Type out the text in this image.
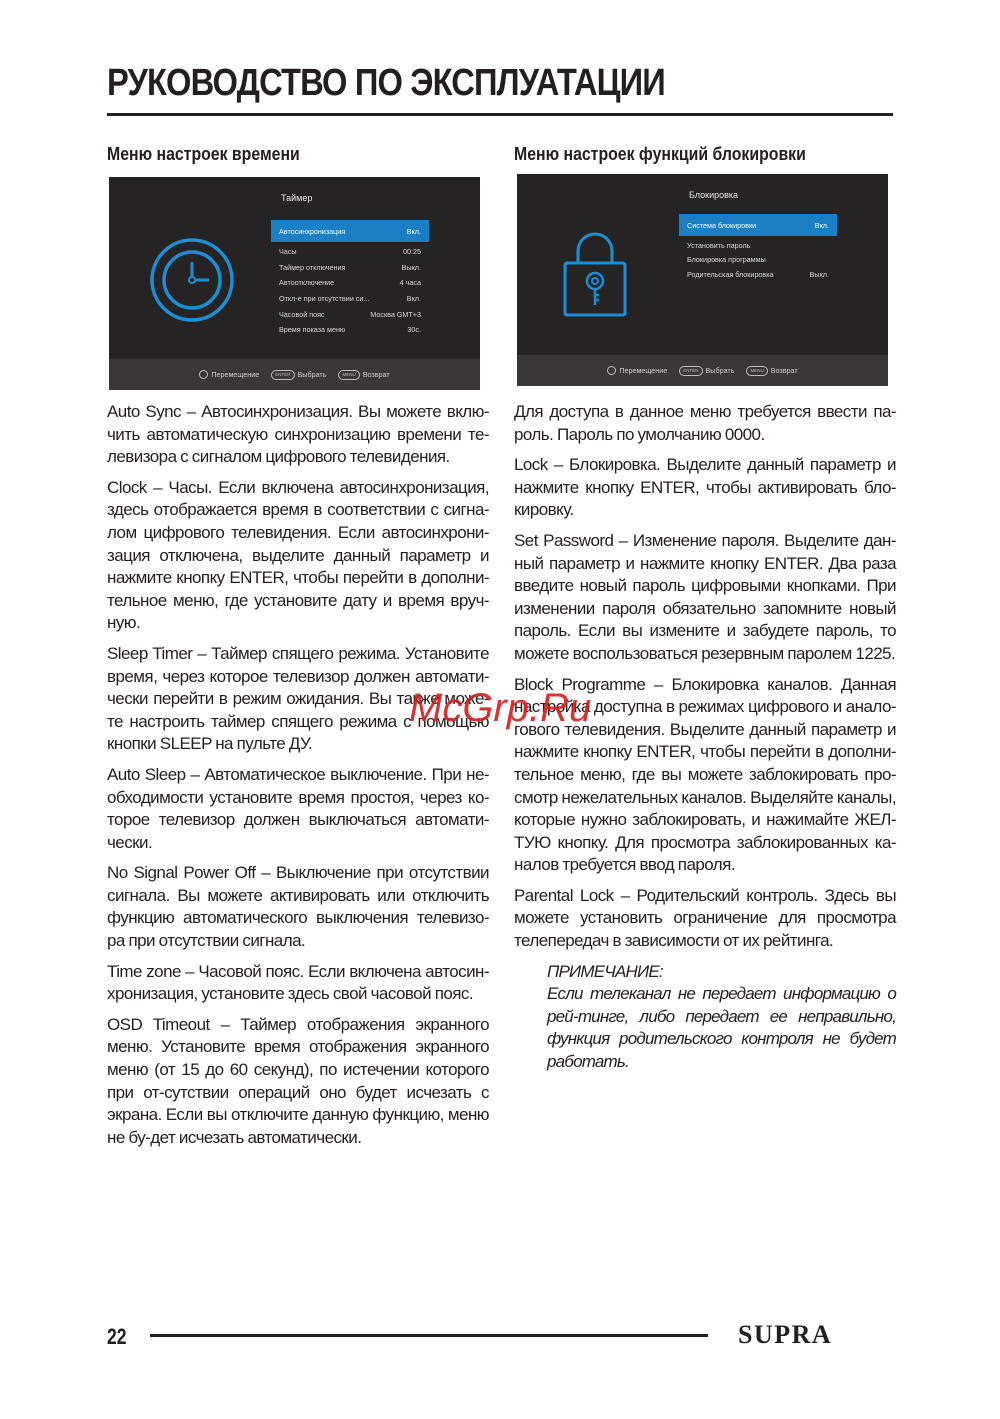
РУКОВОДСТВО ПО ЭКСПЛУАТАЦИИ
Меню настроек времени	Меню настроек функций блокировки
Таймер
Автосинхронизация	Вкл.
Часы	00:25
Таймер отключения	Выкл.
Автоотключение	4 часа
Откл-е при отсутствии си...	Вкл.
Часовой пояс	Москва GMT+3
Время показа меню	30с.
Перемещение	ENTER Выбрать	MENU Возврат
Блокировка
Система блокировки	Вкл.
Установить пароль
Блокировка программы
Родительская блокировка	Выкл.
Перемещение	ENTER Выбрать	MENU Возврат

Auto Sync – Автосинхронизация. Вы можете вклю-чить автоматическую синхронизацию времени те-левизора с сигналом цифрового телевидения.

Clock – Часы. Если включена автосинхронизация, здесь отображается время в соответствии с сигна-лом цифрового телевидения. Если автосинхрони-зация отключена, выделите данный параметр и нажмите кнопку ENTER, чтобы перейти в дополни-тельное меню, где установите дату и время вруч-ную.

Sleep Timer – Таймер спящего режима. Установите время, через которое телевизор должен автомати-чески перейти в режим ожидания. Вы также може-те настроить таймер спящего режима с помощью кнопки SLEEP на пульте ДУ.

Auto Sleep – Автоматическое выключение. При не-обходимости установите время простоя, через ко-торое телевизор должен выключаться автомати-чески.

No Signal Power Off – Выключение при отсутствии сигнала. Вы можете активировать или отключить функцию автоматического выключения телевизо-ра при отсутствии сигнала.

Time zone – Часовой пояс. Если включена автосин-хронизация, установите здесь свой часовой пояс.

OSD Timeout – Таймер отображения экранного меню. Установите время отображения экранного меню (от 15 до 60 секунд), по истечении которого при от-сутствии операций оно будет исчезать с экрана. Если вы отключите данную функцию, меню не бу-дет исчезать автоматически.

Для доступа в данное меню требуется ввести па-роль. Пароль по умолчанию 0000.

Lock – Блокировка. Выделите данный параметр и нажмите кнопку ENTER, чтобы активировать бло-кировку.

Set Password – Изменение пароля. Выделите дан-ный параметр и нажмите кнопку ENTER. Два раза введите новый пароль цифровыми кнопками. При изменении пароля обязательно запомните новый пароль. Если вы измените и забудете пароль, то можете воспользоваться резервным паролем 1225.

Block Programme – Блокировка каналов. Данная настройка доступна в режимах цифрового и анало-гового телевидения. Выделите данный параметр и нажмите кнопку ENTER, чтобы перейти в дополни-тельное меню, где вы можете заблокировать про-смотр нежелательных каналов. Выделяйте каналы, которые нужно заблокировать, и нажимайте ЖЕЛ-ТУЮ кнопку. Для просмотра заблокированных ка-налов требуется ввод пароля.

Parental Lock – Родительский контроль. Здесь вы можете установить ограничение для просмотра телепередач в зависимости от их рейтинга.

ПРИМЕЧАНИЕ:
Если телеканал не передает информацию о рей-тинге, либо передает ее неправильно, функция родительского контроля не будет работать.
McGrp.Ru
22	SUPRA
